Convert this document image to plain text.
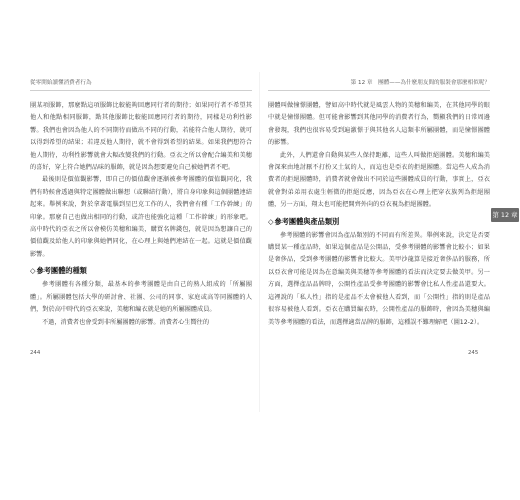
從零開始讀懂消費者行為

團某項服飾，那麼點這項服飾比較能夠回應同行者的期待；如果同行者不希望其他人和他點相同服飾，點其他服飾比較能回應同行者的期待，同樣是功利性影響。我們也會因為他人的不同期待而做出不同的行動，若能符合他人期待，就可以得到希望的結果；若違反他人期待，就不會得到希望的結果。如果我們想符合他人期待，功利性影響就會大幅改變我們的行動。亞衣之所以會配合編美和美穗的喜好，穿上符合她們品味的服飾，就是因為想要避免自己被她們者不吧。

最後則是價值觀影響，即自己的價值觀會逐漸被參考團體的價值觀同化，我們有時候會透過與特定團體做出聯想（或聯結行動），將自身印象與這個團體連結起來。舉例來說，對於拿著電腦到星巴克工作的人，我們會有種「工作幹練」的印象。那麼自己也做出相同的行動，或許也能強化這種「工作幹練」的形象吧。高中時代的亞衣之所以會模仿美穗和編美，購買名牌錢包，就是因為想讓自己的價值觀及給他人的印象與她們同化，在心理上與她們連結在一起。這就是價值觀影響。

◇參考團體的種類

參考團體有各種分類，最基本的參考團體是由自己的熟人組成的「所屬團體」。所屬團體包括大學的研討會、社團、公司的同事、家庭或高等同團體的人們，對於高中時代的亞衣來說，美穗和編衣就是她的所屬團體成員。

不過，消費者也會受到非所屬團體的影響。消費者心生嚮往的

第 12 章　團體——為什麼朋友間的服裝會那麼相似呢？

團體叫做憧憬團體，譬如高中時代就是風雲人物的美穗和編美，在其他同學的眼中就是憧憬團體。但可能會影響到其他同學的消費者行為，嚮顯我們的日常周邊會發現，我們也很容易受到遍激憬于與其他名人這類非所屬團體，而是憧憬團體的影響。

此外，人們還會自動與某些人保持距離，這些人叫做拒絕團體。美穗和編美會深來由地討厭不打扮又土氣的人，而這也是亞衣的拒絕團體。當這些人成為消費者的拒絕團體時，消費者就會做出不同於這些團體成員的行動，事實上，亞衣就會對弟弟用衣處生輕微的拒絕反應，因為亞衣在心理上把穿衣族列為拒絕團體，另一方面，翔太也可能把開齊外向的亞衣視為拒絕團體。

◇參考團體與產品類別

參考團體的影響會因為產品類別的不同而有所差異。舉例來說，決定是否要購買某一種產品時，如果這個產品是公開品，受參考團體的影響會比較小；如果是奢侈品，受到參考團體的影響會比較大。美甲沙龍算是接近奢侈品的服務，所以亞衣會可能是因為在意編美與美穗等參考團體的看法而決定要去做美甲。另一方面，選擇產品品牌時，公開性產品受參考團體的影響會比私人性產品還要大。這裡說的「私人性」指的是產品不太會被他人看到，而「公開性」指的則是產品很容易被他人看到。亞衣在購買編衣時，公開性產品的服飾時，會因為美穗與編美等參考團體的看法，而選擇適當品牌的服飾，這種誤不難理解吧（圖12-2）。

244	245
第 12 章
